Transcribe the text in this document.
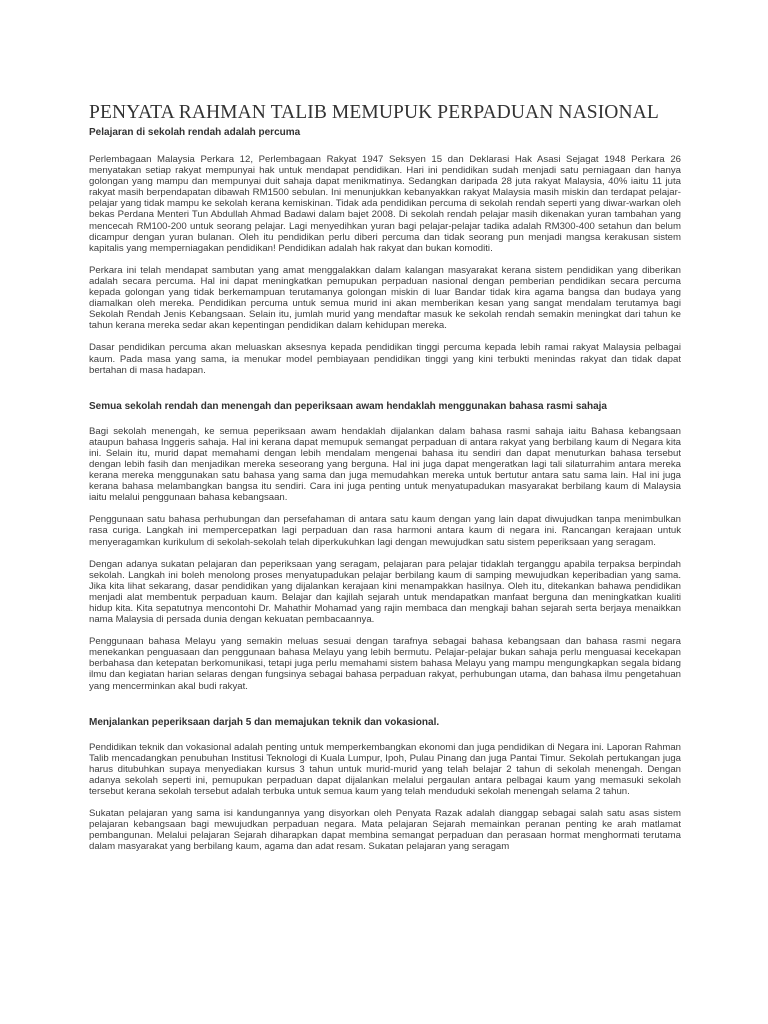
PENYATA RAHMAN TALIB MEMUPUK PERPADUAN NASIONAL
Pelajaran di sekolah rendah adalah percuma

Perlembagaan Malaysia Perkara 12, Perlembagaan Rakyat 1947 Seksyen 15 dan Deklarasi Hak Asasi Sejagat 1948 Perkara 26 menyatakan setiap rakyat mempunyai hak untuk mendapat pendidikan. Hari ini pendidikan sudah menjadi satu perniagaan dan hanya golongan yang mampu dan mempunyai duit sahaja dapat menikmatinya. Sedangkan daripada 28 juta rakyat Malaysia, 40% iaitu 11 juta rakyat masih berpendapatan dibawah RM1500 sebulan. Ini menunjukkan kebanyakkan rakyat Malaysia masih miskin dan terdapat pelajar-pelajar yang tidak mampu ke sekolah kerana kemiskinan. Tidak ada pendidikan percuma di sekolah rendah seperti yang diwar-warkan oleh bekas Perdana Menteri Tun Abdullah Ahmad Badawi dalam bajet 2008. Di sekolah rendah pelajar masih dikenakan yuran tambahan yang mencecah RM100-200 untuk seorang pelajar. Lagi menyedihkan yuran bagi pelajar-pelajar tadika adalah RM300-400 setahun dan belum dicampur dengan yuran bulanan. Oleh itu pendidikan perlu diberi percuma dan tidak seorang pun menjadi mangsa kerakusan sistem kapitalis yang memperniagakan pendidikan! Pendidikan adalah hak rakyat dan bukan komoditi.

Perkara ini telah mendapat sambutan yang amat menggalakkan dalam kalangan masyarakat kerana sistem pendidikan yang diberikan adalah secara percuma. Hal ini dapat meningkatkan pemupukan perpaduan nasional dengan pemberian pendidikan secara percuma kepada golongan yang tidak berkemampuan terutamanya golongan miskin di luar Bandar tidak kira agama bangsa dan budaya yang diamalkan oleh mereka. Pendidikan percuma untuk semua murid ini akan memberikan kesan yang sangat mendalam terutamya bagi Sekolah Rendah Jenis Kebangsaan. Selain itu, jumlah murid yang mendaftar masuk ke sekolah rendah semakin meningkat dari tahun ke tahun kerana mereka sedar akan kepentingan pendidikan dalam kehidupan mereka.

Dasar pendidikan percuma akan meluaskan aksesnya kepada pendidikan tinggi percuma kepada lebih ramai rakyat Malaysia pelbagai kaum. Pada masa yang sama, ia menukar model pembiayaan pendidikan tinggi yang kini terbukti menindas rakyat dan tidak dapat bertahan di masa hadapan.

Semua sekolah rendah dan menengah dan peperiksaan awam hendaklah menggunakan bahasa rasmi sahaja

Bagi sekolah menengah, ke semua peperiksaan awam hendaklah dijalankan dalam bahasa rasmi sahaja iaitu Bahasa kebangsaan ataupun bahasa Inggeris sahaja. Hal ini kerana dapat memupuk semangat perpaduan di antara rakyat yang berbilang kaum di Negara kita ini. Selain itu, murid dapat memahami dengan lebih mendalam mengenai bahasa itu sendiri dan dapat menuturkan bahasa tersebut dengan lebih fasih dan menjadikan mereka seseorang yang berguna. Hal ini juga dapat mengeratkan lagi tali silaturrahim antara mereka kerana mereka menggunakan satu bahasa yang sama dan juga memudahkan mereka untuk bertutur antara satu sama lain. Hal ini juga kerana bahasa melambangkan bangsa itu sendiri. Cara ini juga penting untuk menyatupadukan masyarakat berbilang kaum di Malaysia iaitu melalui penggunaan bahasa kebangsaan.

Penggunaan satu bahasa perhubungan dan persefahaman di antara satu kaum dengan yang lain dapat diwujudkan tanpa menimbulkan rasa curiga. Langkah ini mempercepatkan lagi perpaduan dan rasa harmoni antara kaum di negara ini. Rancangan kerajaan untuk menyeragamkan kurikulum di sekolah-sekolah telah diperkukuhkan lagi dengan mewujudkan satu sistem peperiksaan yang seragam.

Dengan adanya sukatan pelajaran dan peperiksaan yang seragam, pelajaran para pelajar tidaklah terganggu apabila terpaksa berpindah sekolah. Langkah ini boleh menolong proses menyatupadukan pelajar berbilang kaum di samping mewujudkan keperibadian yang sama. Jika kita lihat sekarang, dasar pendidikan yang dijalankan kerajaan kini menampakkan hasilnya. Oleh itu, ditekankan bahawa pendidikan menjadi alat membentuk perpaduan kaum. Belajar dan kajilah sejarah untuk mendapatkan manfaat berguna dan meningkatkan kualiti hidup kita. Kita sepatutnya mencontohi Dr. Mahathir Mohamad yang rajin membaca dan mengkaji bahan sejarah serta berjaya menaikkan nama Malaysia di persada dunia dengan kekuatan pembacaannya.

Penggunaan bahasa Melayu yang semakin meluas sesuai dengan tarafnya sebagai bahasa kebangsaan dan bahasa rasmi negara menekankan penguasaan dan penggunaan bahasa Melayu yang lebih bermutu. Pelajar-pelajar bukan sahaja perlu menguasai kecekapan berbahasa dan ketepatan berkomunikasi, tetapi juga perlu memahami sistem bahasa Melayu yang mampu mengungkapkan segala bidang ilmu dan kegiatan harian selaras dengan fungsinya sebagai bahasa perpaduan rakyat, perhubungan utama, dan bahasa ilmu pengetahuan yang mencerminkan akal budi rakyat.

Menjalankan peperiksaan darjah 5 dan memajukan teknik dan vokasional.

Pendidikan teknik dan vokasional adalah penting untuk memperkembangkan ekonomi dan juga pendidikan di Negara ini. Laporan Rahman Talib mencadangkan penubuhan Institusi Teknologi di Kuala Lumpur, Ipoh, Pulau Pinang dan juga Pantai Timur. Sekolah pertukangan juga harus ditubuhkan supaya menyediakan kursus 3 tahun untuk murid-murid yang telah belajar 2 tahun di sekolah menengah. Dengan adanya sekolah seperti ini, pemupukan perpaduan dapat dijalankan melalui pergaulan antara pelbagai kaum yang memasuki sekolah tersebut kerana sekolah tersebut adalah terbuka untuk semua kaum yang telah menduduki sekolah menengah selama 2 tahun.

Sukatan pelajaran yang sama isi kandungannya yang disyorkan oleh Penyata Razak adalah dianggap sebagai salah satu asas sistem pelajaran kebangsaan bagi mewujudkan perpaduan negara. Mata pelajaran Sejarah memainkan peranan penting ke arah matlamat pembangunan. Melalui pelajaran Sejarah diharapkan dapat membina semangat perpaduan dan perasaan hormat menghormati terutama dalam masyarakat yang berbilang kaum, agama dan adat resam. Sukatan pelajaran yang seragam
